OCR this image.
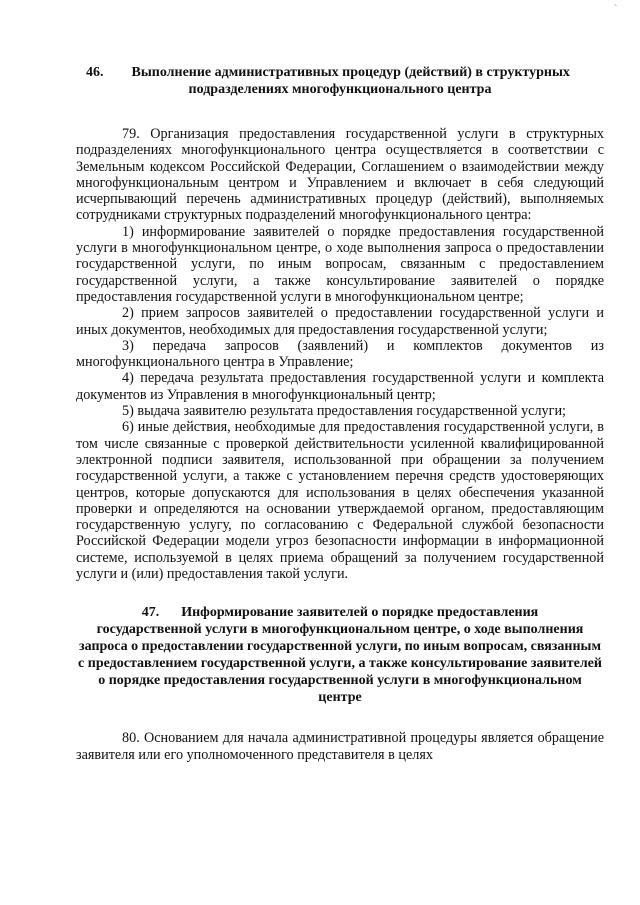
46. Выполнение административных процедур (действий) в структурных
подразделениях многофункционального центра

79. Организация предоставления государственной услуги в структурных подразделениях многофункционального центра осуществляется в соответствии с Земельным кодексом Российской Федерации, Соглашением о взаимодействии между многофункциональным центром и Управлением и включает в себя следующий исчерпывающий перечень административных процедур (действий), выполняемых сотрудниками структурных подразделений многофункционального центра:

1) информирование заявителей о порядке предоставления государственной услуги в многофункциональном центре, о ходе выполнения запроса о предоставлении государственной услуги, по иным вопросам, связанным с предоставлением государственной услуги, а также консультирование заявителей о порядке предоставления государственной услуги в многофункциональном центре;

2) прием запросов заявителей о предоставлении государственной услуги и иных документов, необходимых для предоставления государственной услуги;

3) передача запросов (заявлений) и комплектов документов из многофункционального центра в Управление;

4) передача результата предоставления государственной услуги и комплекта документов из Управления в многофункциональный центр;

5) выдача заявителю результата предоставления государственной услуги;

6) иные действия, необходимые для предоставления государственной услуги, в том числе связанные с проверкой действительности усиленной квалифицированной электронной подписи заявителя, использованной при обращении за получением государственной услуги, а также с установлением перечня средств удостоверяющих центров, которые допускаются для использования в целях обеспечения указанной проверки и определяются на основании утверждаемой органом, предоставляющим государственную услугу, по согласованию с Федеральной службой безопасности Российской Федерации модели угроз безопасности информации в информационной системе, используемой в целях приема обращений за получением государственной услуги и (или) предоставления такой услуги.

47. Информирование заявителей о порядке предоставления
государственной услуги в многофункциональном центре, о ходе выполнения запроса о предоставлении государственной услуги, по иным вопросам, связанным с предоставлением государственной услуги, а также консультирование заявителей о порядке предоставления государственной услуги в многофункциональном центре

80. Основанием для начала административной процедуры является обращение заявителя или его уполномоченного представителя в целях

`
